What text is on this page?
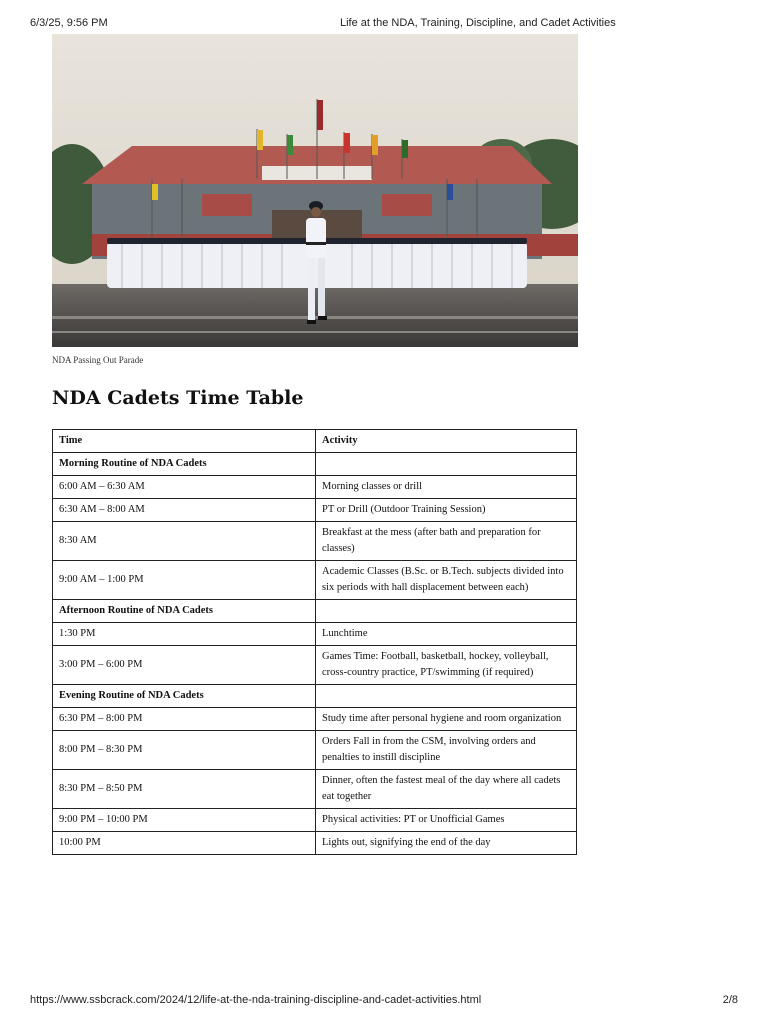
6/3/25, 9:56 PM	Life at the NDA, Training, Discipline, and Cadet Activities
NDA Passing Out Parade
NDA Cadets Time Table
Time	Activity
Morning Routine of NDA Cadets	
6:00 AM – 6:30 AM	Morning classes or drill
6:30 AM – 8:00 AM	PT or Drill (Outdoor Training Session)
8:30 AM	Breakfast at the mess (after bath and preparation for classes)
9:00 AM – 1:00 PM	Academic Classes (B.Sc. or B.Tech. subjects divided into six periods with hall displacement between each)
Afternoon Routine of NDA Cadets	
1:30 PM	Lunchtime
3:00 PM – 6:00 PM	Games Time: Football, basketball, hockey, volleyball, cross-country practice, PT/swimming (if required)
Evening Routine of NDA Cadets	
6:30 PM – 8:00 PM	Study time after personal hygiene and room organization
8:00 PM – 8:30 PM	Orders Fall in from the CSM, involving orders and penalties to instill discipline
8:30 PM – 8:50 PM	Dinner, often the fastest meal of the day where all cadets eat together
9:00 PM – 10:00 PM	Physical activities: PT or Unofficial Games
10:00 PM	Lights out, signifying the end of the day
https://www.ssbcrack.com/2024/12/life-at-the-nda-training-discipline-and-cadet-activities.html	2/8
